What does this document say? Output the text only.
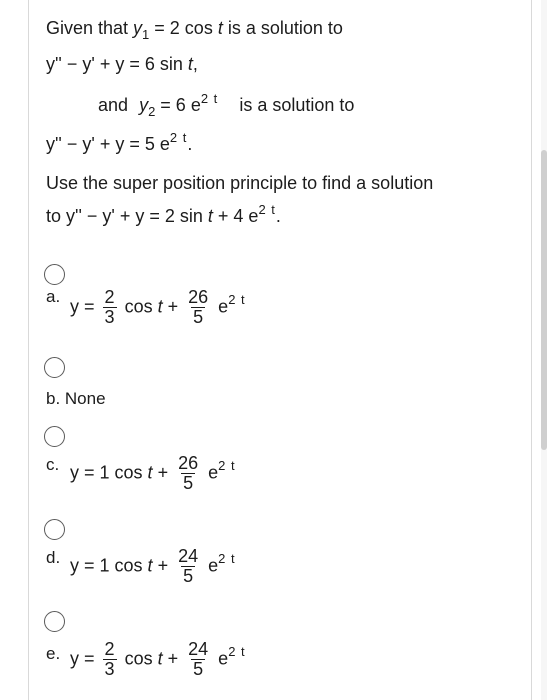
Given that $y_1 = 2$ cos t is a solution to
y'' − y' + y = 6 sin t,
and $y_2 = 6$ $e^{2 t}$ is a solution to
y'' − y' + y = 5 $e^{2 t}$.
Use the super position principle to find a solution
to y'' − y' + y = 2 sin t + 4 $e^{2 t}$.
a. $y = \frac{2}{3}$ $\cos t + \frac{26}{5} e^{2 t}$
b. None
c. y = 1 $\cos t + \frac{26}{5} e^{2 t}$
d. y = 1 $\cos t + \frac{24}{5} e^{2 t}$
e. $y = \frac{2}{3}$ $\cos t + \frac{24}{5} e^{2 t}$
